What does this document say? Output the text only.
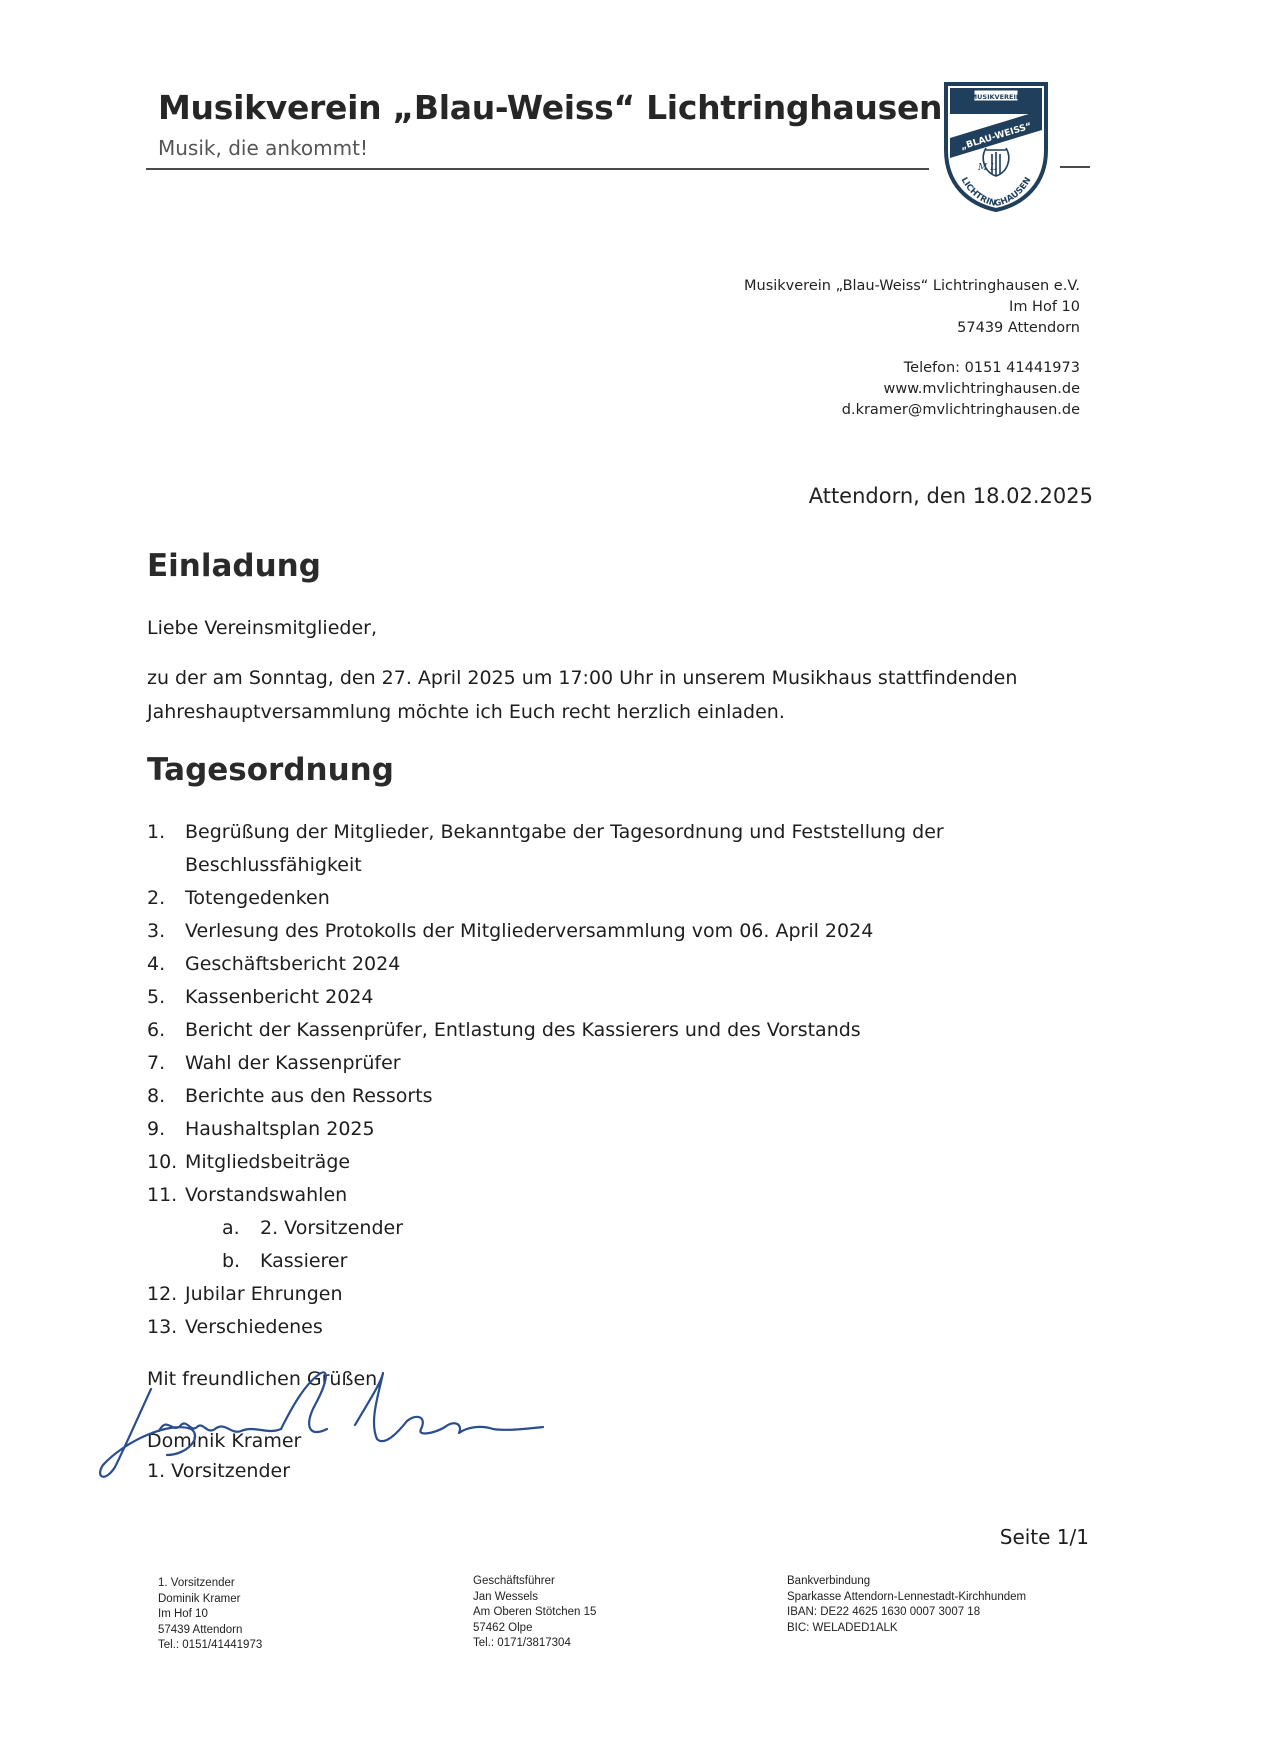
Musikverein „Blau-Weiss“ Lichtringhausen
Musik, die ankommt!
MUSIKVEREIN
„BLAU-WEISS“
M L
LICHTRINGHAUSEN
Musikverein „Blau-Weiss“ Lichtringhausen e.V.
Im Hof 10
57439 Attendorn
Telefon: 0151 41441973
www.mvlichtringhausen.de
d.kramer@mvlichtringhausen.de
Attendorn, den 18.02.2025
Einladung
Liebe Vereinsmitglieder,
zu der am Sonntag, den 27. April 2025 um 17:00 Uhr in unserem Musikhaus stattfindenden
Jahreshauptversammlung möchte ich Euch recht herzlich einladen.
Tagesordnung
1. Begrüßung der Mitglieder, Bekanntgabe der Tagesordnung und Feststellung der
Beschlussfähigkeit
2. Totengedenken
3. Verlesung des Protokolls der Mitgliederversammlung vom 06. April 2024
4. Geschäftsbericht 2024
5. Kassenbericht 2024
6. Bericht der Kassenprüfer, Entlastung des Kassierers und des Vorstands
7. Wahl der Kassenprüfer
8. Berichte aus den Ressorts
9. Haushaltsplan 2025
10. Mitgliedsbeiträge
11. Vorstandswahlen
a. 2. Vorsitzender
b. Kassierer
12. Jubilar Ehrungen
13. Verschiedenes
Mit freundlichen Grüßen
Dominik Kramer
1. Vorsitzender
Seite 1/1
1. Vorsitzender
Dominik Kramer
Im Hof 10
57439 Attendorn
Tel.: 0151/41441973
Geschäftsführer
Jan Wessels
Am Oberen Stötchen 15
57462 Olpe
Tel.: 0171/3817304
Bankverbindung
Sparkasse Attendorn-Lennestadt-Kirchhundem
IBAN: DE22 4625 1630 0007 3007 18
BIC: WELADED1ALK
